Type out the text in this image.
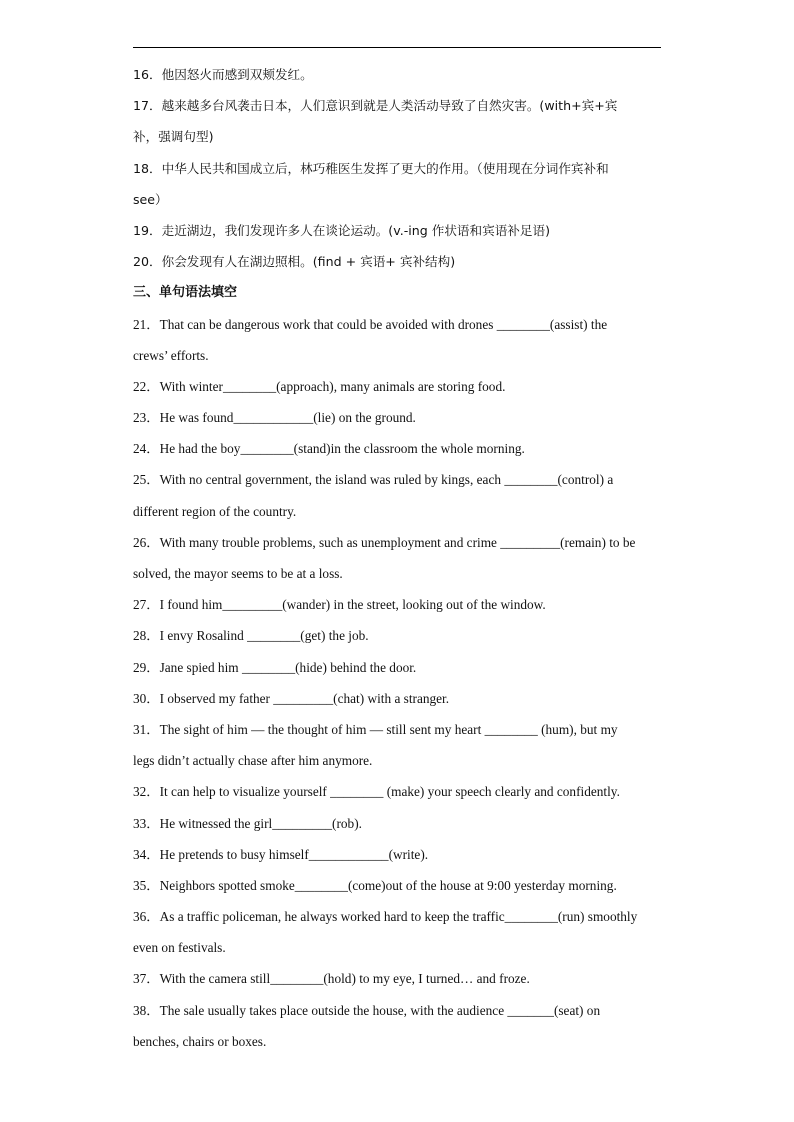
16．他因怒火而感到双颊发红。
17．越来越多台风袭击日本，人们意识到就是人类活动导致了自然灾害。(with+宾+宾
补，强调句型)
18．中华人民共和国成立后，林巧稚医生发挥了更大的作用。（使用现在分词作宾补和
see）
19．走近湖边，我们发现许多人在谈论运动。(v.-ing 作状语和宾语补足语)
20．你会发现有人在湖边照相。(find + 宾语+ 宾补结构)
三、单句语法填空
21．That can be dangerous work that could be avoided with drones ________(assist) the
crews’ efforts.
22．With winter________(approach), many animals are storing food.
23．He was found____________(lie) on the ground.
24．He had the boy________(stand)in the classroom the whole morning.
25．With no central government, the island was ruled by kings, each ________(control) a
different region of the country.
26．With many trouble problems, such as unemployment and crime _________(remain) to be
solved, the mayor seems to be at a loss.
27．I found him_________(wander) in the street, looking out of the window.
28．I envy Rosalind ________(get) the job.
29．Jane spied him ________(hide) behind the door.
30．I observed my father _________(chat) with a stranger.
31．The sight of him — the thought of him — still sent my heart ________ (hum), but my
legs didn’t actually chase after him anymore.
32．It can help to visualize yourself ________ (make) your speech clearly and confidently.
33．He witnessed the girl_________(rob).
34．He pretends to busy himself____________(write).
35．Neighbors spotted smoke________(come)out of the house at 9:00 yesterday morning.
36．As a traffic policeman, he always worked hard to keep the traffic________(run) smoothly
even on festivals.
37．With the camera still________(hold) to my eye, I turned… and froze.
38．The sale usually takes place outside the house, with the audience _______(seat) on
benches, chairs or boxes.
